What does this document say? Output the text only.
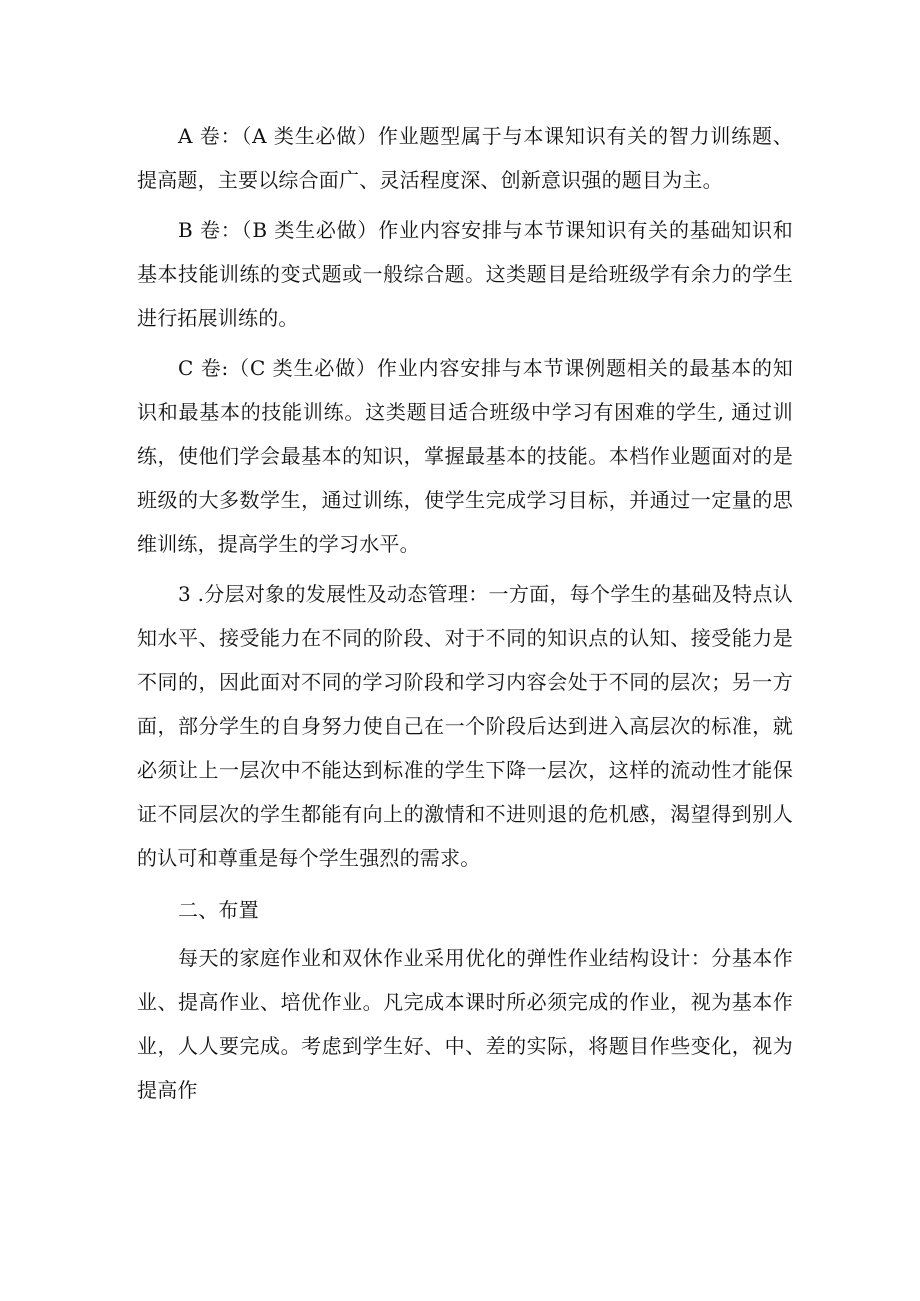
A 卷：（A 类生必做）作业题型属于与本课知识有关的智力训练题、提高题，主要以综合面广、灵活程度深、创新意识强的题目为主。

B 卷：（B 类生必做）作业内容安排与本节课知识有关的基础知识和基本技能训练的变式题或一般综合题。这类题目是给班级学有余力的学生进行拓展训练的。

C 卷:（C 类生必做）作业内容安排与本节课例题相关的最基本的知识和最基本的技能训练。这类题目适合班级中学习有困难的学生, 通过训练，使他们学会最基本的知识，掌握最基本的技能。本档作业题面对的是班级的大多数学生，通过训练，使学生完成学习目标，并通过一定量的思维训练，提高学生的学习水平。

3 .分层对象的发展性及动态管理：一方面，每个学生的基础及特点认知水平、接受能力在不同的阶段、对于不同的知识点的认知、接受能力是不同的，因此面对不同的学习阶段和学习内容会处于不同的层次；另一方面，部分学生的自身努力使自己在一个阶段后达到进入高层次的标准，就必须让上一层次中不能达到标准的学生下降一层次，这样的流动性才能保证不同层次的学生都能有向上的激情和不进则退的危机感，渴望得到别人的认可和尊重是每个学生强烈的需求。

二、布置

每天的家庭作业和双休作业采用优化的弹性作业结构设计：分基本作业、提高作业、培优作业。凡完成本课时所必须完成的作业，视为基本作业，人人要完成。考虑到学生好、中、差的实际，将题目作些变化，视为提高作
